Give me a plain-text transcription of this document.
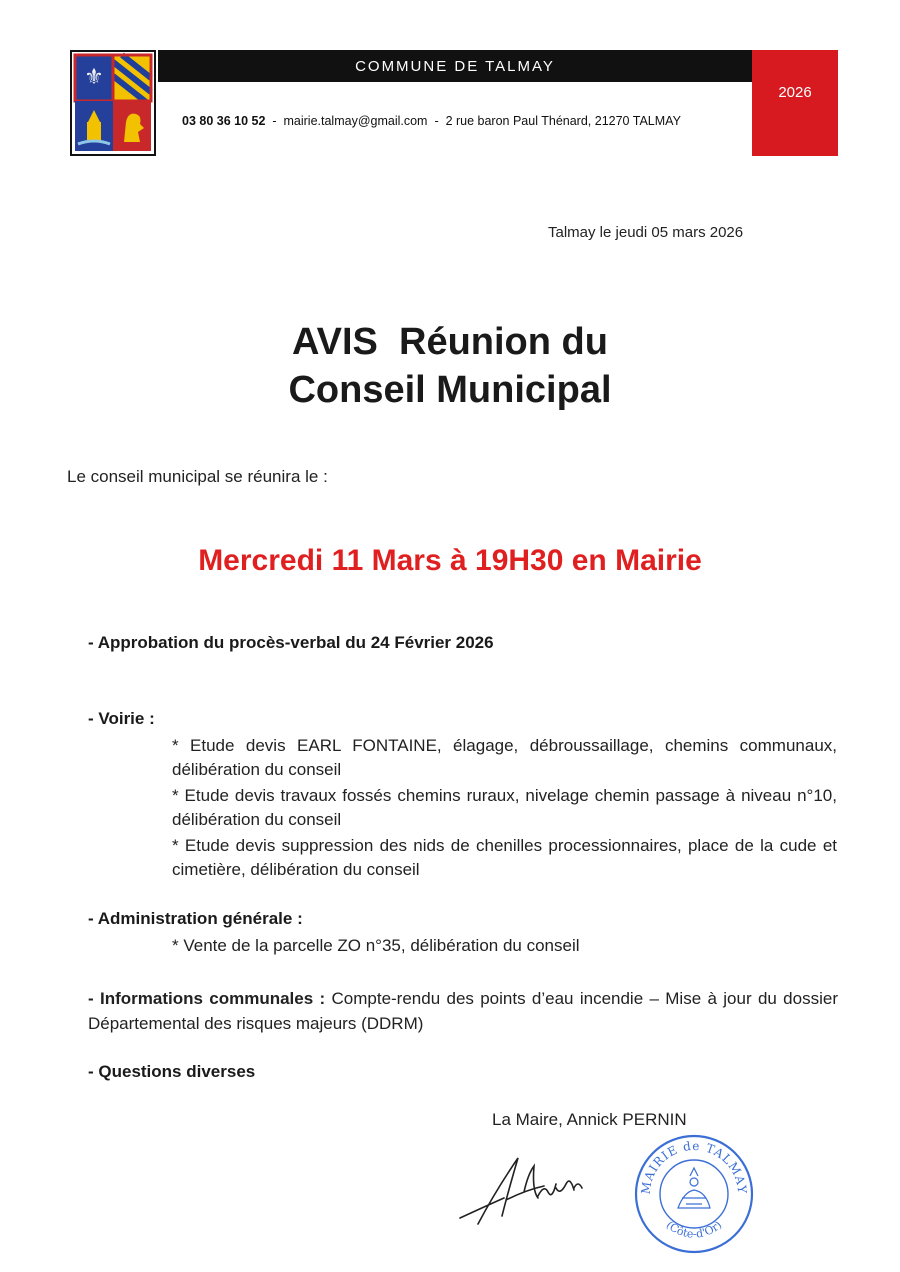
⚜	COMMUNE DE TALMAY
03 80 36 10 52 - mairie.talmay@gmail.com - 2 rue baron Paul Thénard, 21270 TALMAY
2026
Talmay le jeudi 05 mars 2026
AVIS  Réunion du
Conseil Municipal
Le conseil municipal se réunira le :
Mercredi 11 Mars à 19H30 en Mairie
- Approbation du procès-verbal du 24 Février 2026
- Voirie :
* Etude devis EARL FONTAINE, élagage, débroussaillage, chemins communaux, délibération du conseil
* Etude devis travaux fossés chemins ruraux, nivelage chemin passage à niveau n°10, délibération du conseil
* Etude devis suppression des nids de chenilles processionnaires, place de la cude et cimetière, délibération du conseil
- Administration générale :
* Vente de la parcelle ZO n°35, délibération du conseil
- Informations communales : Compte-rendu des points d’eau incendie – Mise à jour du dossier Départemental des risques majeurs (DDRM)
- Questions diverses
La Maire, Annick PERNIN
MAIRIE de TALMAY
(Côte-d'Or)
